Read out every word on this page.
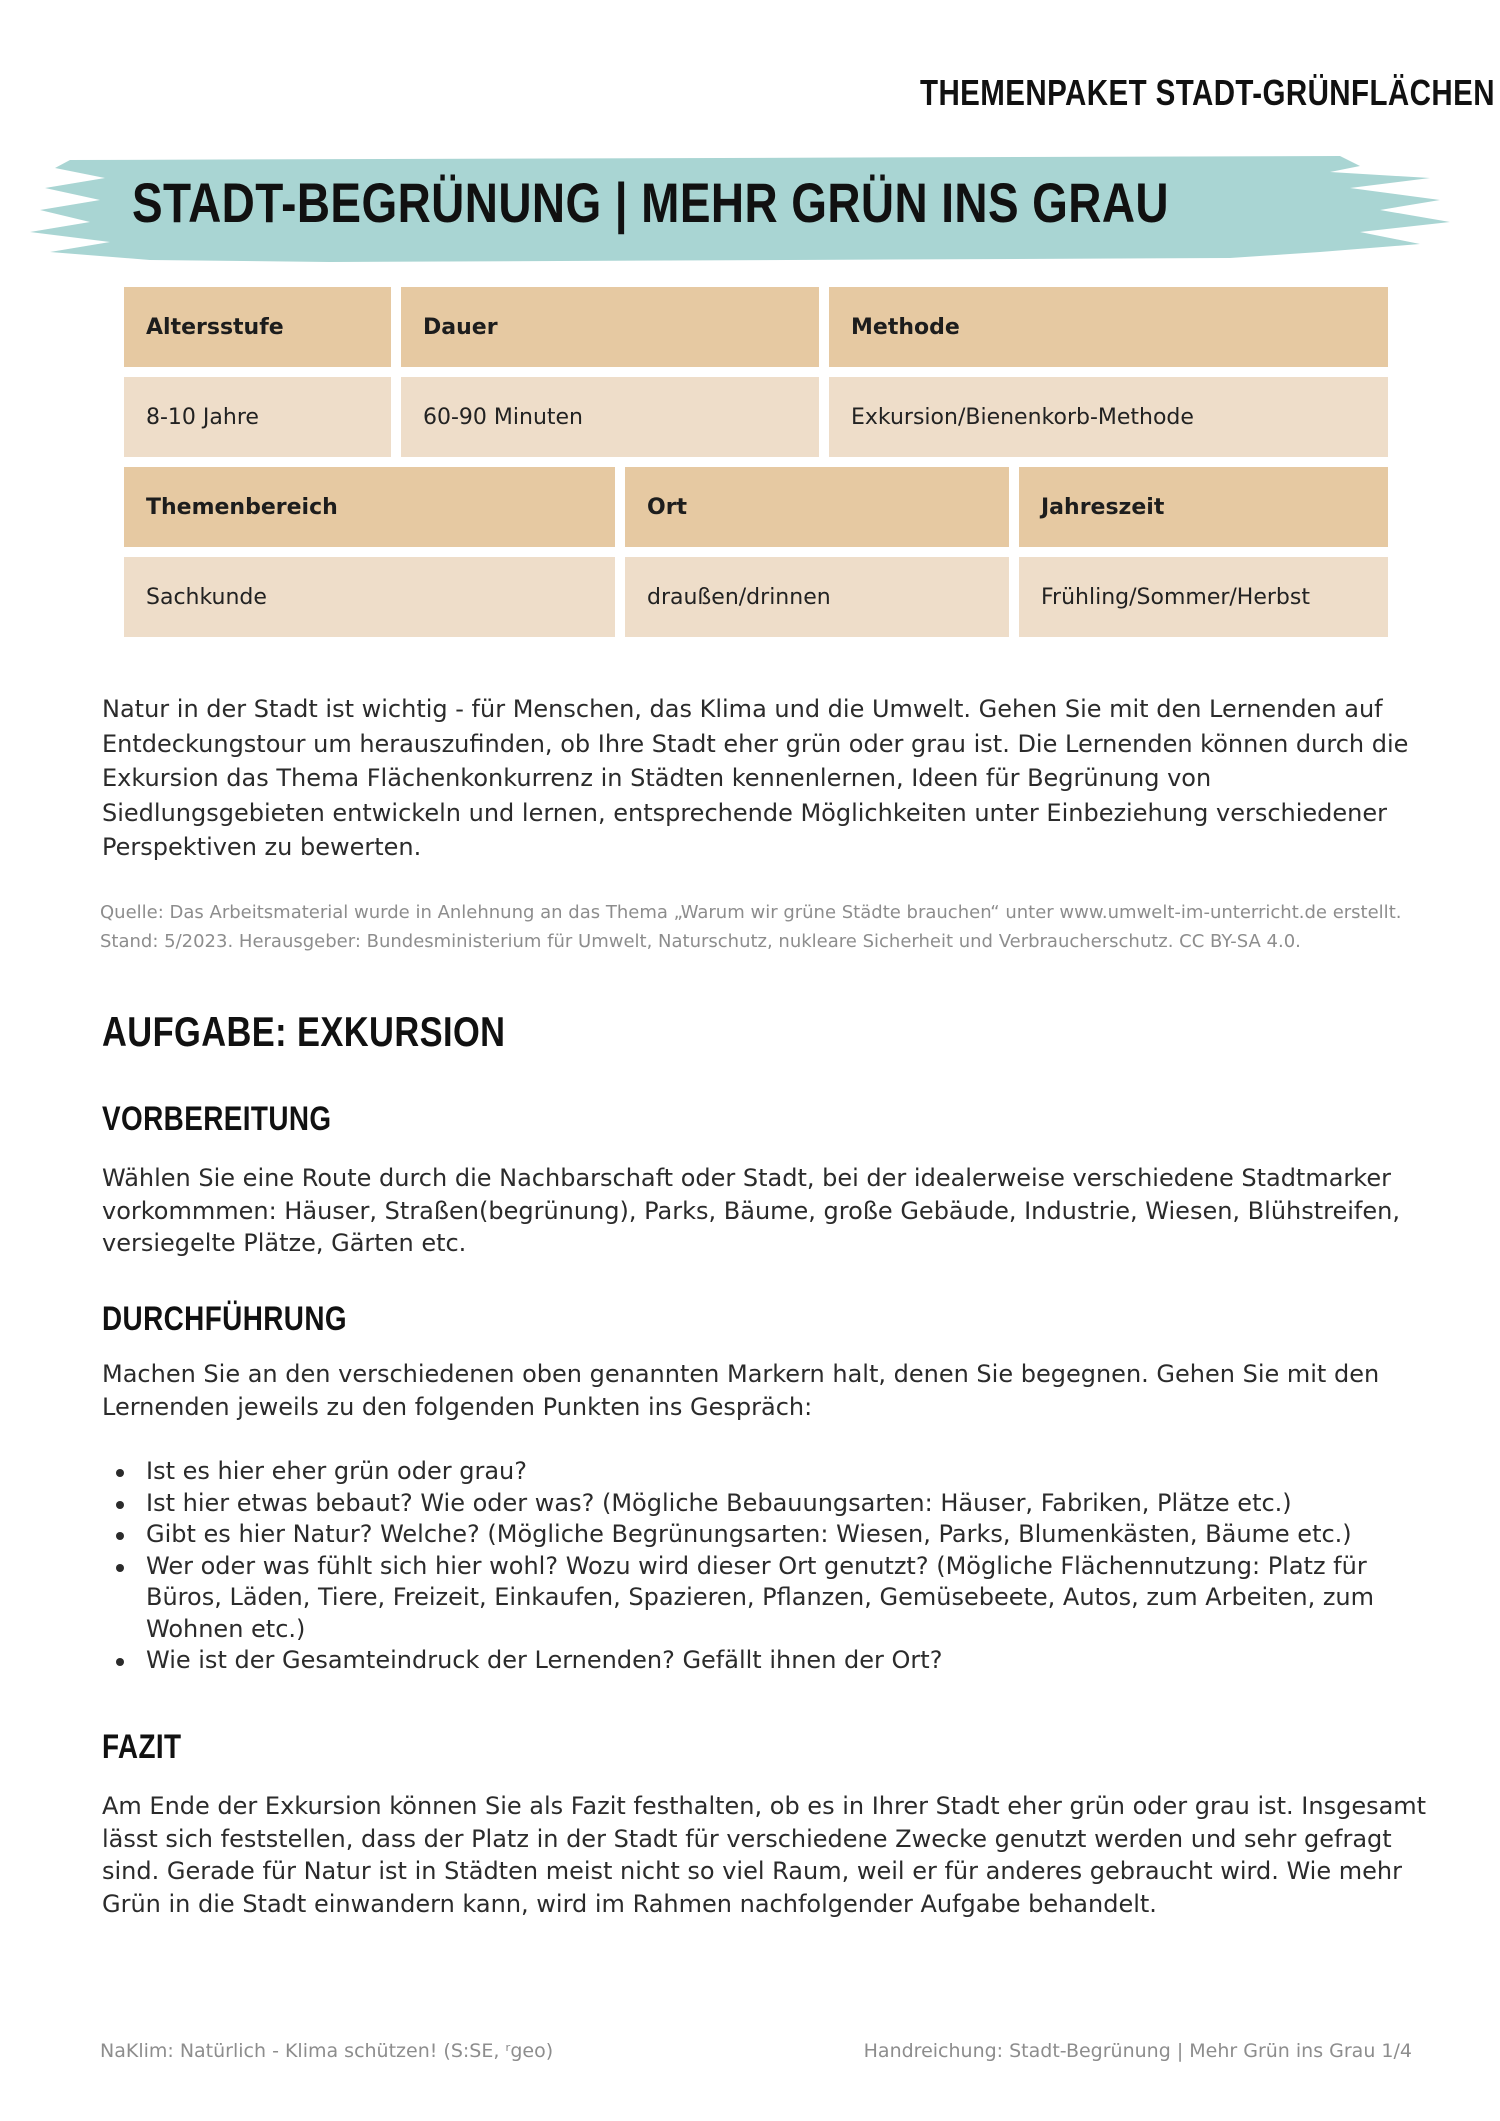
THEMENPAKET STADT-GRÜNFLÄCHEN
STADT-BEGRÜNUNG | MEHR GRÜN INS GRAU
Altersstufe	Dauer	Methode
8-10 Jahre	60-90 Minuten	Exkursion/Bienenkorb-Methode
Themenbereich	Ort	Jahreszeit
Sachkunde	draußen/drinnen	Frühling/Sommer/Herbst
Natur in der Stadt ist wichtig - für Menschen, das Klima und die Umwelt. Gehen Sie mit den Lernenden auf Entdeckungstour um herauszufinden, ob Ihre Stadt eher grün oder grau ist. Die Lernenden können durch die Exkursion das Thema Flächenkonkurrenz in Städten kennenlernen, Ideen für Begrünung von Siedlungsgebieten entwickeln und lernen, entsprechende Möglichkeiten unter Einbeziehung verschiedener Perspektiven zu bewerten.
Quelle: Das Arbeitsmaterial wurde in Anlehnung an das Thema „Warum wir grüne Städte brauchen“ unter www.umwelt-im-unterricht.de erstellt. Stand: 5/2023. Herausgeber: Bundesministerium für Umwelt, Naturschutz, nukleare Sicherheit und Verbraucherschutz. CC BY-SA 4.0.
AUFGABE: EXKURSION
VORBEREITUNG
Wählen Sie eine Route durch die Nachbarschaft oder Stadt, bei der idealerweise verschiedene Stadtmarker vorkommmen: Häuser, Straßen(begrünung), Parks, Bäume, große Gebäude, Industrie, Wiesen, Blühstreifen, versiegelte Plätze, Gärten etc.
DURCHFÜHRUNG
Machen Sie an den verschiedenen oben genannten Markern halt, denen Sie begegnen. Gehen Sie mit den Lernenden jeweils zu den folgenden Punkten ins Gespräch:
Ist es hier eher grün oder grau?
Ist hier etwas bebaut? Wie oder was? (Mögliche Bebauungsarten: Häuser, Fabriken, Plätze etc.)
Gibt es hier Natur? Welche? (Mögliche Begrünungsarten: Wiesen, Parks, Blumenkästen, Bäume etc.)
Wer oder was fühlt sich hier wohl? Wozu wird dieser Ort genutzt? (Mögliche Flächennutzung: Platz für Büros, Läden, Tiere, Freizeit, Einkaufen, Spazieren, Pflanzen, Gemüsebeete, Autos, zum Arbeiten, zum Wohnen etc.)
Wie ist der Gesamteindruck der Lernenden? Gefällt ihnen der Ort?
FAZIT
Am Ende der Exkursion können Sie als Fazit festhalten, ob es in Ihrer Stadt eher grün oder grau ist. Insgesamt lässt sich feststellen, dass der Platz in der Stadt für verschiedene Zwecke genutzt werden und sehr gefragt sind. Gerade für Natur ist in Städten meist nicht so viel Raum, weil er für anderes gebraucht wird. Wie mehr Grün in die Stadt einwandern kann, wird im Rahmen nachfolgender Aufgabe behandelt.
NaKlim: Natürlich - Klima schützen! (S:SE, ʳgeo)	Handreichung: Stadt-Begrünung | Mehr Grün ins Grau 1/4
